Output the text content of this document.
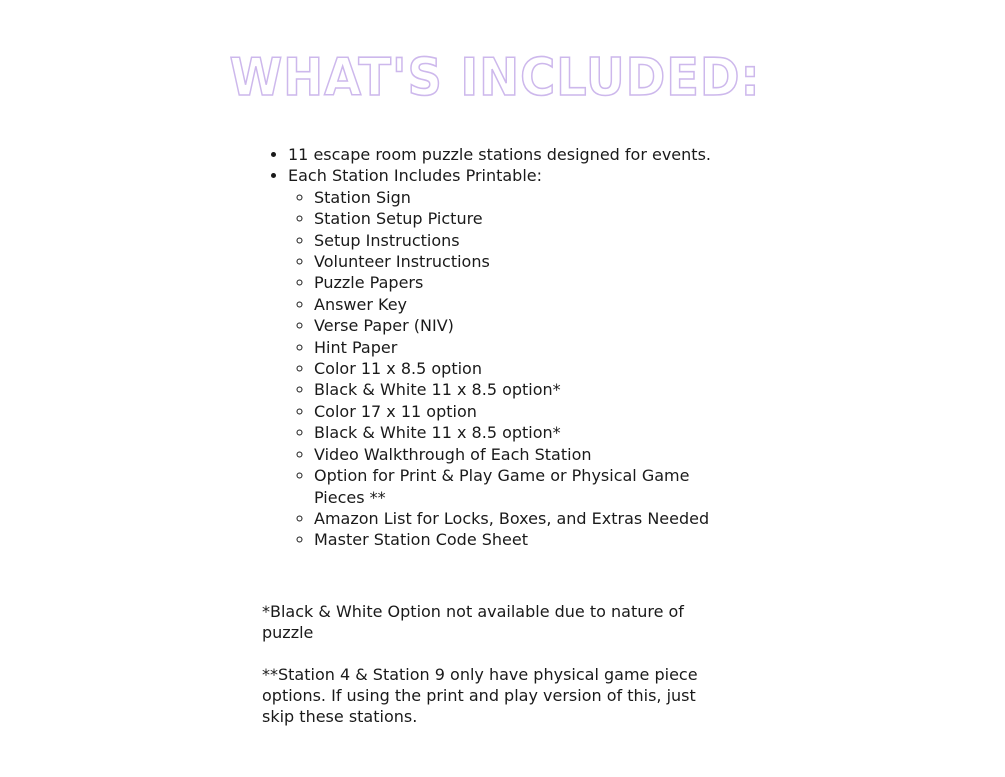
WHAT'S INCLUDED:
• 11 escape room puzzle stations designed for events.
• Each Station Includes Printable:
◦ Station Sign
◦ Station Setup Picture
◦ Setup Instructions
◦ Volunteer Instructions
◦ Puzzle Papers
◦ Answer Key
◦ Verse Paper (NIV)
◦ Hint Paper
◦ Color 11 x 8.5 option
◦ Black & White 11 x 8.5 option*
◦ Color 17 x 11 option
◦ Black & White 11 x 8.5 option*
◦ Video Walkthrough of Each Station
◦ Option for Print & Play Game or Physical Game Pieces **
◦ Amazon List for Locks, Boxes, and Extras Needed
◦ Master Station Code Sheet

*Black & White Option not available due to nature of puzzle

**Station 4 & Station 9 only have physical game piece options. If using the print and play version of this, just skip these stations.
